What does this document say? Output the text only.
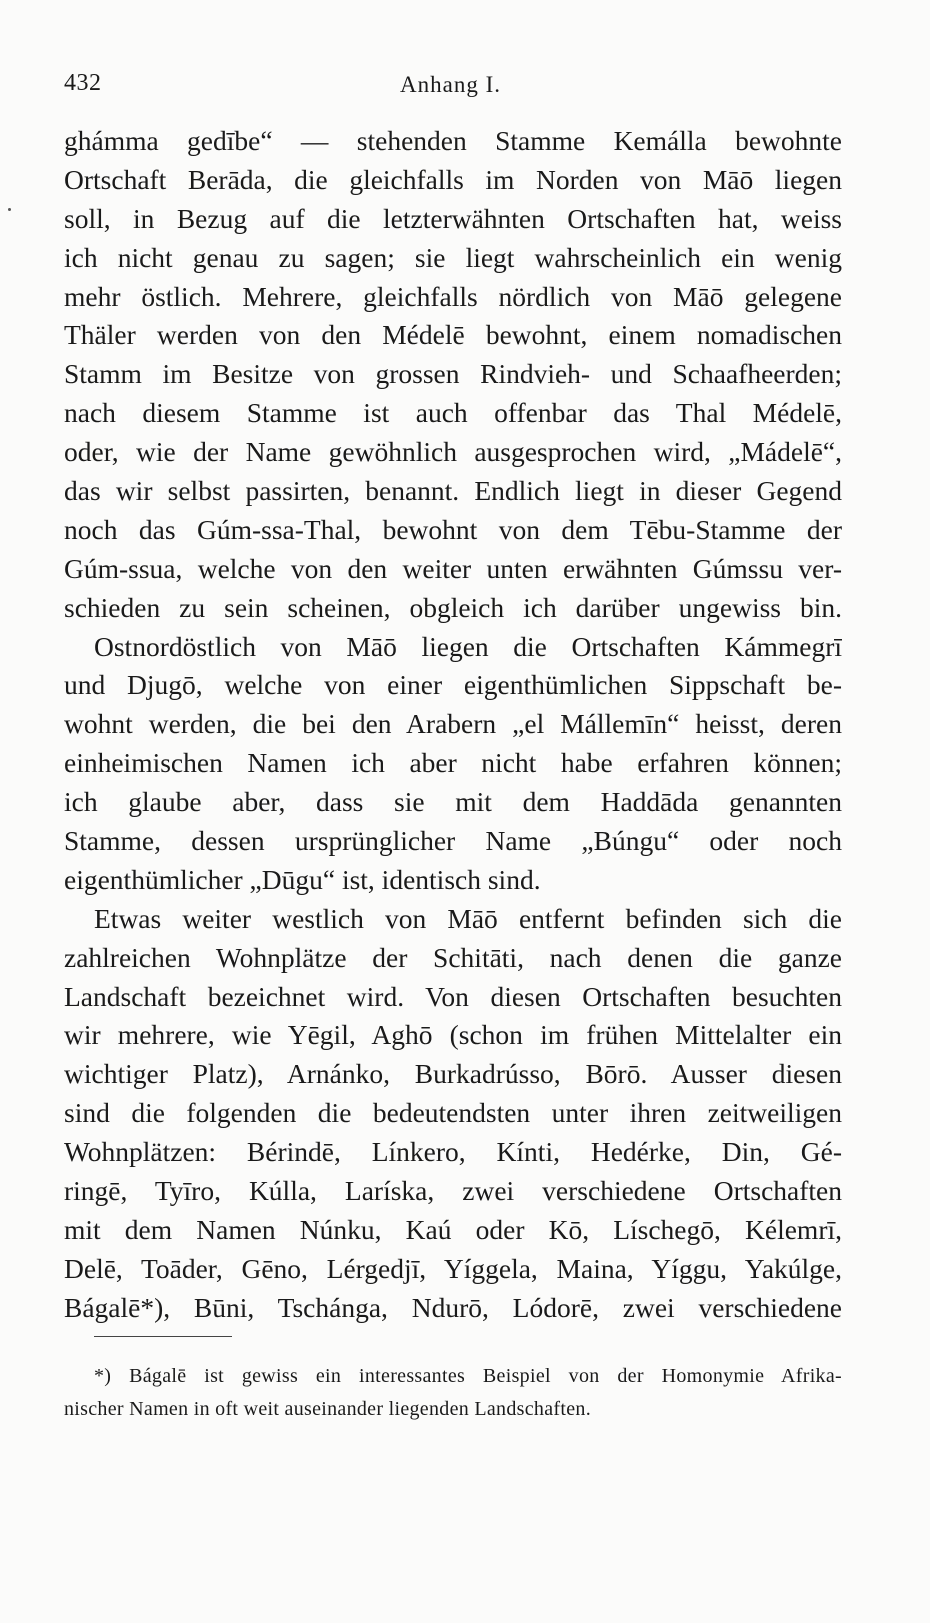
432	Anhang I.
ghámma gedībe“ — stehenden Stamme Kemálla bewohnte
Ortschaft Berāda, die gleichfalls im Norden von Māō liegen
soll, in Bezug auf die letzterwähnten Ortschaften hat, weiss
ich nicht genau zu sagen; sie liegt wahrscheinlich ein wenig
mehr östlich. Mehrere, gleichfalls nördlich von Māō gelegene
Thäler werden von den Médelē bewohnt, einem nomadischen
Stamm im Besitze von grossen Rindvieh- und Schaafheerden;
nach diesem Stamme ist auch offenbar das Thal Médelē,
oder, wie der Name gewöhnlich ausgesprochen wird, „Mádelē“,
das wir selbst passirten, benannt. Endlich liegt in dieser Gegend
noch das Gúm-ssa-Thal, bewohnt von dem Tēbu-Stamme der
Gúm-ssua, welche von den weiter unten erwähnten Gúmssu ver-
schieden zu sein scheinen, obgleich ich darüber ungewiss bin.
Ostnordöstlich von Māō liegen die Ortschaften Kámmegrī
und Djugō, welche von einer eigenthümlichen Sippschaft be-
wohnt werden, die bei den Arabern „el Mállemīn“ heisst, deren
einheimischen Namen ich aber nicht habe erfahren können;
ich glaube aber, dass sie mit dem Haddāda genannten
Stamme, dessen ursprünglicher Name „Búngu“ oder noch
eigenthümlicher „Dūgu“ ist, identisch sind.
Etwas weiter westlich von Māō entfernt befinden sich die
zahlreichen Wohnplätze der Schitāti, nach denen die ganze
Landschaft bezeichnet wird. Von diesen Ortschaften besuchten
wir mehrere, wie Yēgil, Aghō (schon im frühen Mittelalter ein
wichtiger Platz), Arnánko, Burkadrússo, Bōrō. Ausser diesen
sind die folgenden die bedeutendsten unter ihren zeitweiligen
Wohnplätzen: Bérindē, Línkero, Kínti, Hedérke, Din, Gé-
ringē, Tyīro, Kúlla, Laríska, zwei verschiedene Ortschaften
mit dem Namen Núnku, Kaú oder Kō, Líschegō, Kélemrī,
Delē, Toāder, Gēno, Lérgedjī, Yíggela, Maina, Yíggu, Yakúlge,
Bágalē*), Būni, Tschánga, Ndurō, Lódorē, zwei verschiedene
*) Bágalē ist gewiss ein interessantes Beispiel von der Homonymie Afrika-
nischer Namen in oft weit auseinander liegenden Landschaften.
